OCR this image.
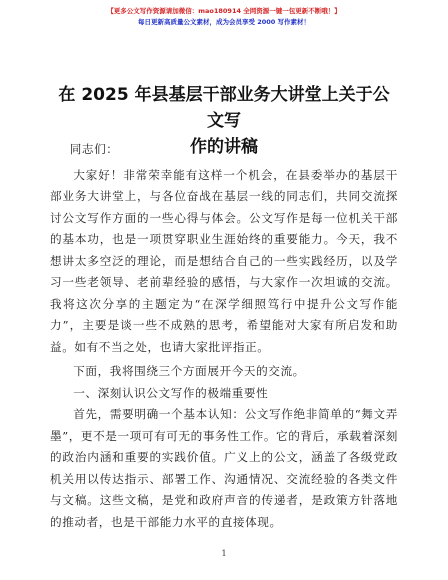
【更多公文写作资源请加微信：mao180914 全网资源一键一包更新不断哦！】
每日更新高质量公文素材，成为会员享受 2000 写作素材！
在 2025 年县基层干部业务大讲堂上关于公文写
作的讲稿

同志们：

大家好！非常荣幸能有这样一个机会，在县委举办的基层干部业务大讲堂上，与各位奋战在基层一线的同志们，共同交流探讨公文写作方面的一些心得与体会。公文写作是每一位机关干部的基本功，也是一项贯穿职业生涯始终的重要能力。今天，我不想讲太多空泛的理论，而是想结合自己的一些实践经历，以及学习一些老领导、老前辈经验的感悟，与大家作一次坦诚的交流。我将这次分享的主题定为“在深学细照笃行中提升公文写作能力”，主要是谈一些不成熟的思考，希望能对大家有所启发和助益。如有不当之处，也请大家批评指正。

下面，我将围绕三个方面展开今天的交流。

一、深刻认识公文写作的极端重要性

首先，需要明确一个基本认知：公文写作绝非简单的“舞文弄墨”，更不是一项可有可无的事务性工作。它的背后，承载着深刻的政治内涵和重要的实践价值。广义上的公文，涵盖了各级党政机关用以传达指示、部署工作、沟通情况、交流经验的各类文件与文稿。这些文稿，是党和政府声音的传递者，是政策方针落地的推动者，也是干部能力水平的直接体现。

1
